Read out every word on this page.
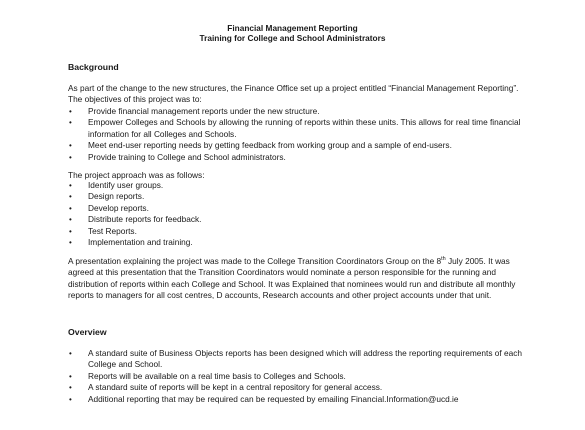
Financial Management Reporting
Training for College and School Administrators
Background

As part of the change to the new structures, the Finance Office set up a project entitled “Financial Management Reporting”. The objectives of this project was to:

• Provide financial management reports under the new structure.
• Empower Colleges and Schools by allowing the running of reports within these units. This allows for real time financial information for all Colleges and Schools.
• Meet end-user reporting needs by getting feedback from working group and a sample of end-users.
• Provide training to College and School administrators.

The project approach was as follows:

• Identify user groups.
• Design reports.
• Develop reports.
• Distribute reports for feedback.
• Test Reports.
• Implementation and training.

A presentation explaining the project was made to the College Transition Coordinators Group on the 8th July 2005. It was agreed at this presentation that the Transition Coordinators would nominate a person responsible for the running and distribution of reports within each College and School. It was Explained that nominees would run and distribute all monthly reports to managers for all cost centres, D accounts, Research accounts and other project accounts under that unit.

Overview
• A standard suite of Business Objects reports has been designed which will address the reporting requirements of each College and School.
• Reports will be available on a real time basis to Colleges and Schools.
• A standard suite of reports will be kept in a central repository for general access.
• Additional reporting that may be required can be requested by emailing Financial.Information@ucd.ie
